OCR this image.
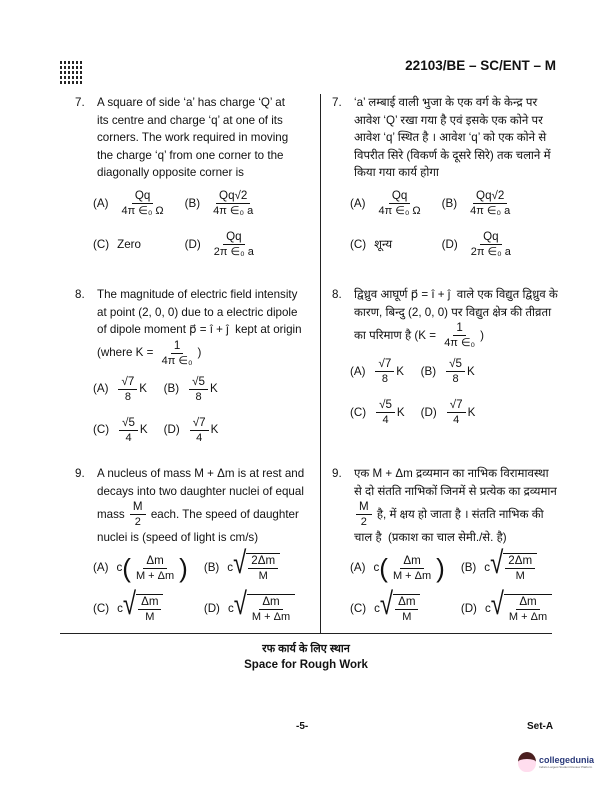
22103/BE – SC/ENT – M
7. A square of side ‘a’ has charge ‘Q’ at
its centre and charge ‘q’ at one of its
corners. The work required in moving
the charge ‘q’ from one corner to the
diagonally opposite corner is
$(A) \frac{Qq}{\text{4π ∈₀ Ω}} (B) \frac{Qq√2}{\text{4π ∈₀ a}}$
(C) Zero	$(D) \frac{Qq}{\text{2π ∈₀ a}}$
7. ‘a’ लम्बाई वाली भुजा के एक वर्ग के केन्द्र पर
आवेश ‘Q’ रखा गया है एवं इसके एक कोने पर
आवेश ‘q’ स्थित है । आवेश ‘q’ को एक कोने से
विपरीत सिरे (विकर्ण के दूसरे सिरे) तक चलाने में
किया गया कार्य होगा
$(A) \frac{Qq}{\text{4π ∈₀ Ω}} (B) \frac{Qq√2}{\text{4π ∈₀ a}}$
(C) शून्य	$(D) \frac{Qq}{\text{2π ∈₀ a}}$
8. The magnitude of electric field intensity
at point (2, 0, 0) due to a electric dipole
of dipole moment p⃗ = î + ĵ  kept at origin
(where $K = \frac{1}{\text{4π ∈₀}}$ )
$(A) \frac{√7}{8}$ K $(B) \frac{√5}{8}$ K
$(C) \frac{√5}{4}$ K $(D) \frac{√7}{4}$ K
8. द्विध्रुव आघूर्ण p⃗ = î + ĵ  वाले एक विद्युत द्विध्रुव के
कारण, बिन्दु (2, 0, 0) पर विद्युत क्षेत्र की तीव्रता
का परिमाण है ($K = \frac{1}{\text{4π ∈₀}}$ )
$(A) \frac{√7}{8}$ K $(B) \frac{√5}{8}$ K
$(C) \frac{√5}{4}$ K $(D) \frac{√7}{4}$ K
9. A nucleus of mass M + Δm is at rest and
decays into two daughter nuclei of equal
mass $\frac{M}{2}$ each. The speed of daughter
nuclei is (speed of light is cm/s)
(A) c ( $\frac{\Delta m}{M + \Delta m}$ ) (B) c √ $\frac{2\Delta m}{M}$
(C) c √ $\frac{\Delta m}{M}$	(D) c √ $\frac{\Delta m}{M + \Delta m}$
9. एक M + Δm द्रव्यमान का नाभिक विरामावस्था
से दो संतति नाभिकों जिनमें से प्रत्येक का द्रव्यमान
$\frac{M}{2}$ है, में क्षय हो जाता है । संतति नाभिक की
चाल है  (प्रकाश का चाल सेमी./से. है)
(A) c ( $\frac{\Delta m}{M + \Delta m}$ ) (B) c √ $\frac{2\Delta m}{M}$
(C) c √ $\frac{\Delta m}{M}$	(D) c √ $\frac{\Delta m}{M + \Delta m}$
रफ कार्य के लिए स्थान
Space for Rough Work
-5-	Set-A
collegedunia
India's Largest Student Review Platform
